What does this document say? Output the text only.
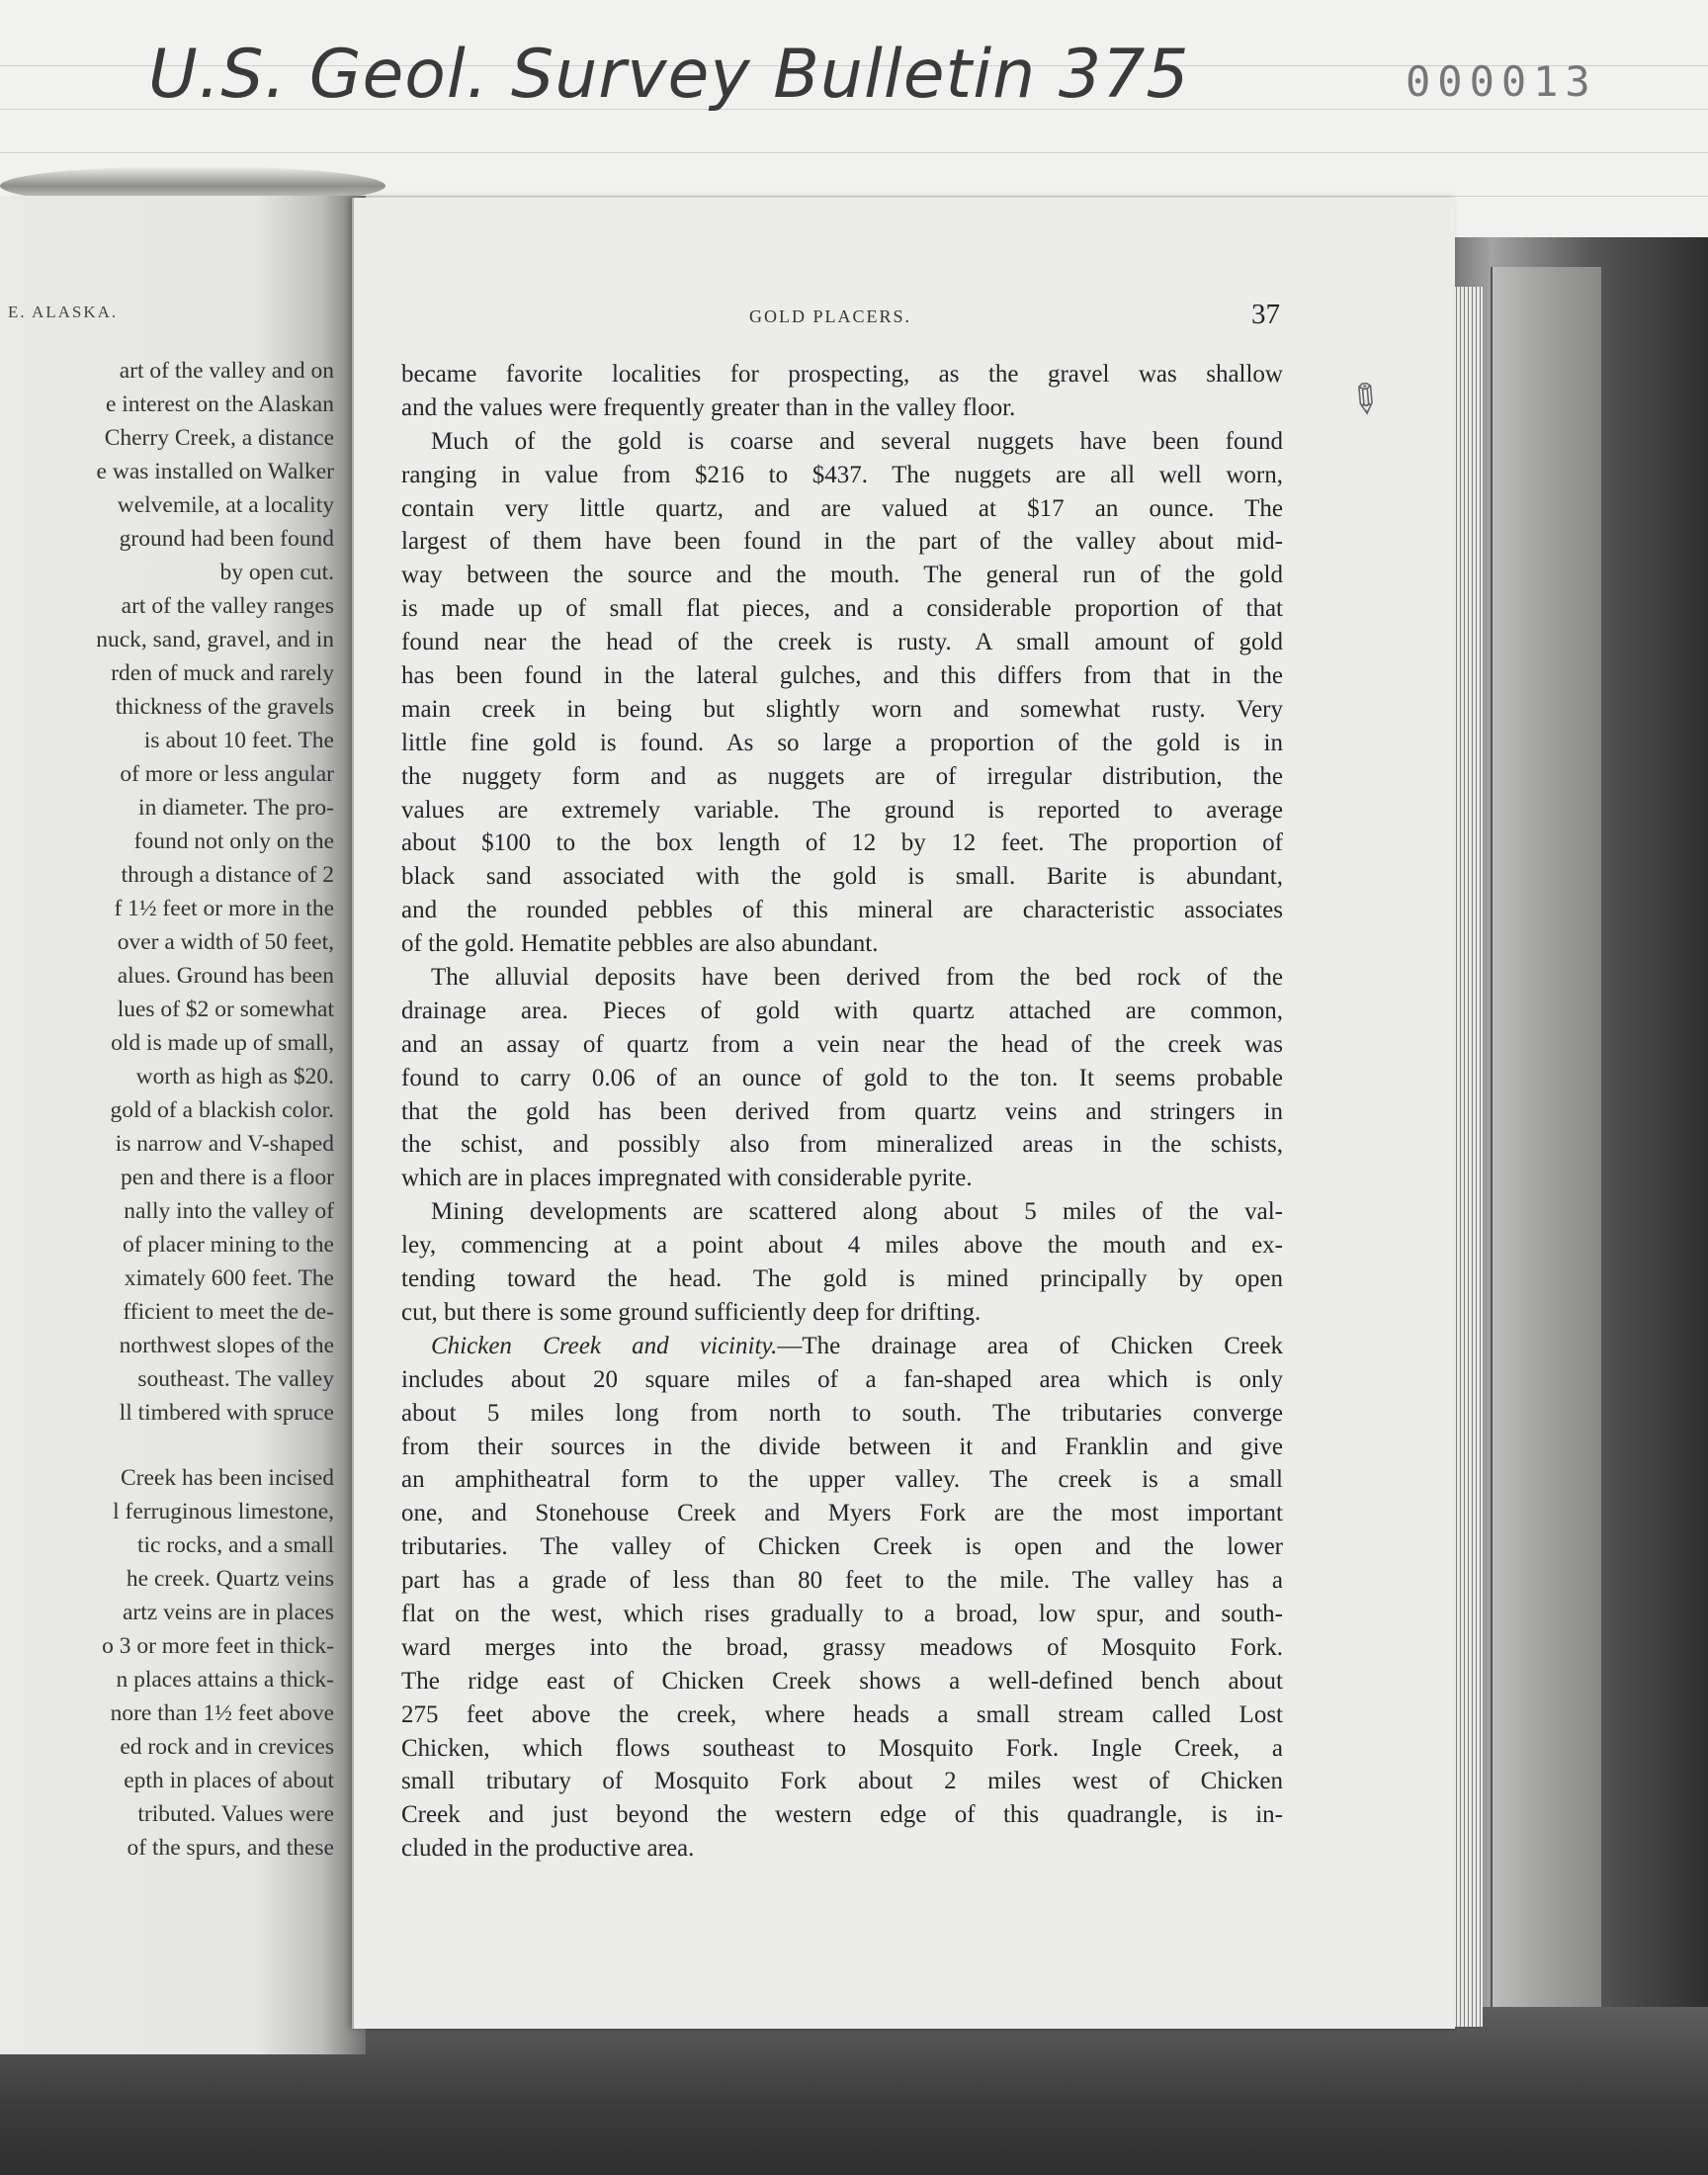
U.S. Geol. Survey Bulletin 375	000013
E. ALASKA.
art of the valley and on
e interest on the Alaskan
Cherry Creek, a distance
e was installed on Walker
welvemile, at a locality
ground had been found
by open cut.
art of the valley ranges
nuck, sand, gravel, and in
rden of muck and rarely
thickness of the gravels
is about 10 feet. The
of more or less angular
in diameter. The pro-
found not only on the
through a distance of 2
f 1½ feet or more in the
over a width of 50 feet,
alues. Ground has been
lues of $2 or somewhat
old is made up of small,
worth as high as $20.
gold of a blackish color.
is narrow and V-shaped
pen and there is a floor
nally into the valley of
of placer mining to the
ximately 600 feet. The
fficient to meet the de-
northwest slopes of the
southeast. The valley
ll timbered with spruce
Creek has been incised
l ferruginous limestone,
tic rocks, and a small
he creek. Quartz veins
artz veins are in places
o 3 or more feet in thick-
n places attains a thick-
nore than 1½ feet above
ed rock and in crevices
epth in places of about
tributed. Values were
of the spurs, and these
GOLD PLACERS.	37
became favorite localities for prospecting, as the gravel was shallow
and the values were frequently greater than in the valley floor.
Much of the gold is coarse and several nuggets have been found
ranging in value from $216 to $437. The nuggets are all well worn,
contain very little quartz, and are valued at $17 an ounce. The
largest of them have been found in the part of the valley about mid-
way between the source and the mouth. The general run of the gold
is made up of small flat pieces, and a considerable proportion of that
found near the head of the creek is rusty. A small amount of gold
has been found in the lateral gulches, and this differs from that in the
main creek in being but slightly worn and somewhat rusty. Very
little fine gold is found. As so large a proportion of the gold is in
the nuggety form and as nuggets are of irregular distribution, the
values are extremely variable. The ground is reported to average
about $100 to the box length of 12 by 12 feet. The proportion of
black sand associated with the gold is small. Barite is abundant,
and the rounded pebbles of this mineral are characteristic associates
of the gold. Hematite pebbles are also abundant.
The alluvial deposits have been derived from the bed rock of the
drainage area. Pieces of gold with quartz attached are common,
and an assay of quartz from a vein near the head of the creek was
found to carry 0.06 of an ounce of gold to the ton. It seems probable
that the gold has been derived from quartz veins and stringers in
the schist, and possibly also from mineralized areas in the schists,
which are in places impregnated with considerable pyrite.
Mining developments are scattered along about 5 miles of the val-
ley, commencing at a point about 4 miles above the mouth and ex-
tending toward the head. The gold is mined principally by open
cut, but there is some ground sufficiently deep for drifting.
Chicken Creek and vicinity.—The drainage area of Chicken Creek
includes about 20 square miles of a fan-shaped area which is only
about 5 miles long from north to south. The tributaries converge
from their sources in the divide between it and Franklin and give
an amphitheatral form to the upper valley. The creek is a small
one, and Stonehouse Creek and Myers Fork are the most important
tributaries. The valley of Chicken Creek is open and the lower
part has a grade of less than 80 feet to the mile. The valley has a
flat on the west, which rises gradually to a broad, low spur, and south-
ward merges into the broad, grassy meadows of Mosquito Fork.
The ridge east of Chicken Creek shows a well-defined bench about
275 feet above the creek, where heads a small stream called Lost
Chicken, which flows southeast to Mosquito Fork. Ingle Creek, a
small tributary of Mosquito Fork about 2 miles west of Chicken
Creek and just beyond the western edge of this quadrangle, is in-
cluded in the productive area.
✎
